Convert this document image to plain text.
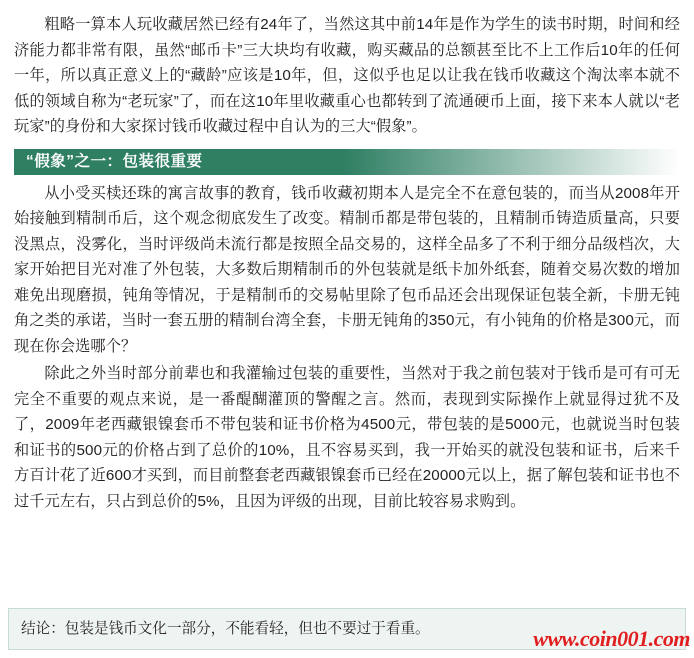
粗略一算本人玩收藏居然已经有24年了，当然这其中前14年是作为学生的读书时期，时间和经济能力都非常有限，虽然“邮币卡”三大块均有收藏，购买藏品的总额甚至比不上工作后10年的任何一年，所以真正意义上的“藏龄”应该是10年，但，这似乎也足以让我在钱币收藏这个淘汰率本就不低的领域自称为“老玩家”了，而在这10年里收藏重心也都转到了流通硬币上面，接下来本人就以“老玩家”的身份和大家探讨钱币收藏过程中自认为的三大“假象”。

“假象”之一：包装很重要

从小受买椟还珠的寓言故事的教育，钱币收藏初期本人是完全不在意包装的，而当从2008年开始接触到精制币后，这个观念彻底发生了改变。精制币都是带包装的，且精制币铸造质量高，只要没黑点，没雾化，当时评级尚未流行都是按照全品交易的，这样全品多了不利于细分品级档次，大家开始把目光对准了外包装，大多数后期精制币的外包装就是纸卡加外纸套，随着交易次数的增加难免出现磨损，钝角等情况，于是精制币的交易帖里除了包币品还会出现保证包装全新，卡册无钝角之类的承诺，当时一套五册的精制台湾全套，卡册无钝角的350元，有小钝角的价格是300元，而现在你会选哪个？

除此之外当时部分前辈也和我灌输过包装的重要性，当然对于我之前包装对于钱币是可有可无完全不重要的观点来说，是一番醍醐灌顶的警醒之言。然而，表现到实际操作上就显得过犹不及了，2009年老西藏银镍套币不带包装和证书价格为4500元，带包装的是5000元，也就说当时包装和证书的500元的价格占到了总价的10%，且不容易买到，我一开始买的就没包装和证书，后来千方百计花了近600才买到，而目前整套老西藏银镍套币已经在20000元以上，据了解包装和证书也不过千元左右，只占到总价的5%，且因为评级的出现，目前比较容易求购到。

结论：包装是钱币文化一部分，不能看轻，但也不要过于看重。	www.coin001.com
